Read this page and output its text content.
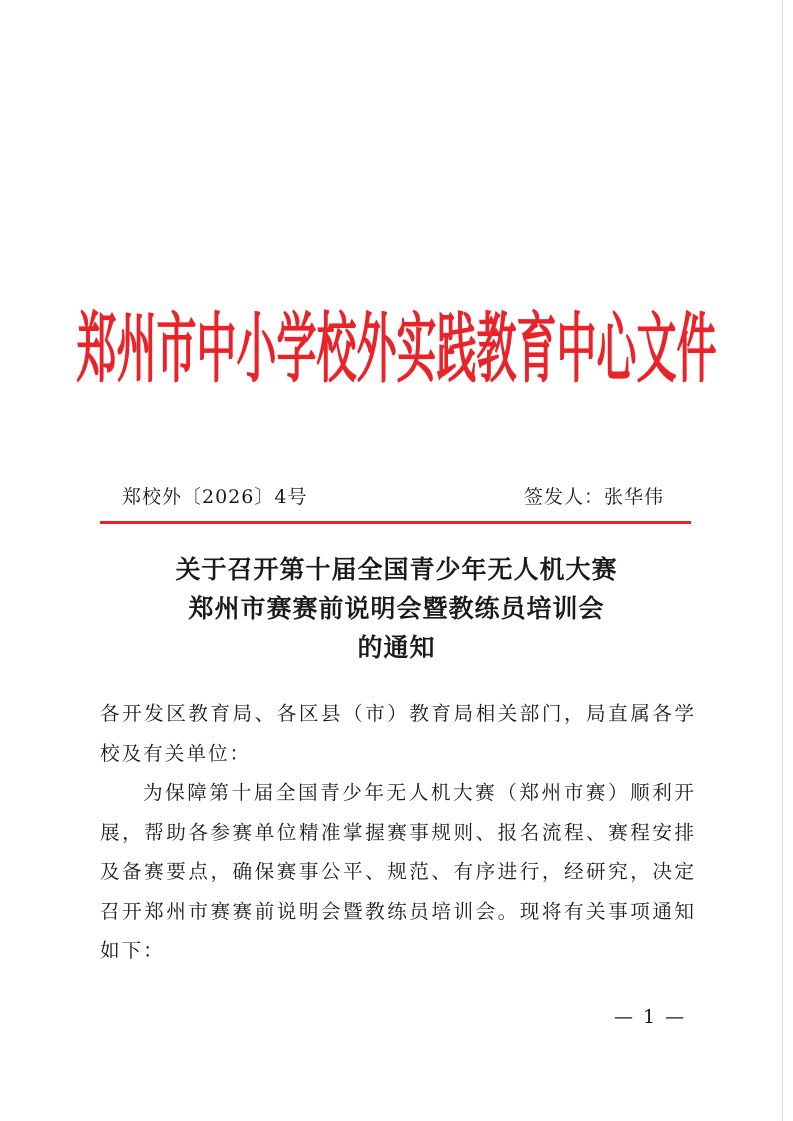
郑州市中小学校外实践教育中心文件
郑校外〔2026〕4号	签发人：张华伟
关于召开第十届全国青少年无人机大赛
郑州市赛赛前说明会暨教练员培训会
的通知

各开发区教育局、各区县（市）教育局相关部门，局直属各学校及有关单位：

为保障第十届全国青少年无人机大赛（郑州市赛）顺利开展，帮助各参赛单位精准掌握赛事规则、报名流程、赛程安排及备赛要点，确保赛事公平、规范、有序进行，经研究，决定召开郑州市赛赛前说明会暨教练员培训会。现将有关事项通知如下：

— 1 —
